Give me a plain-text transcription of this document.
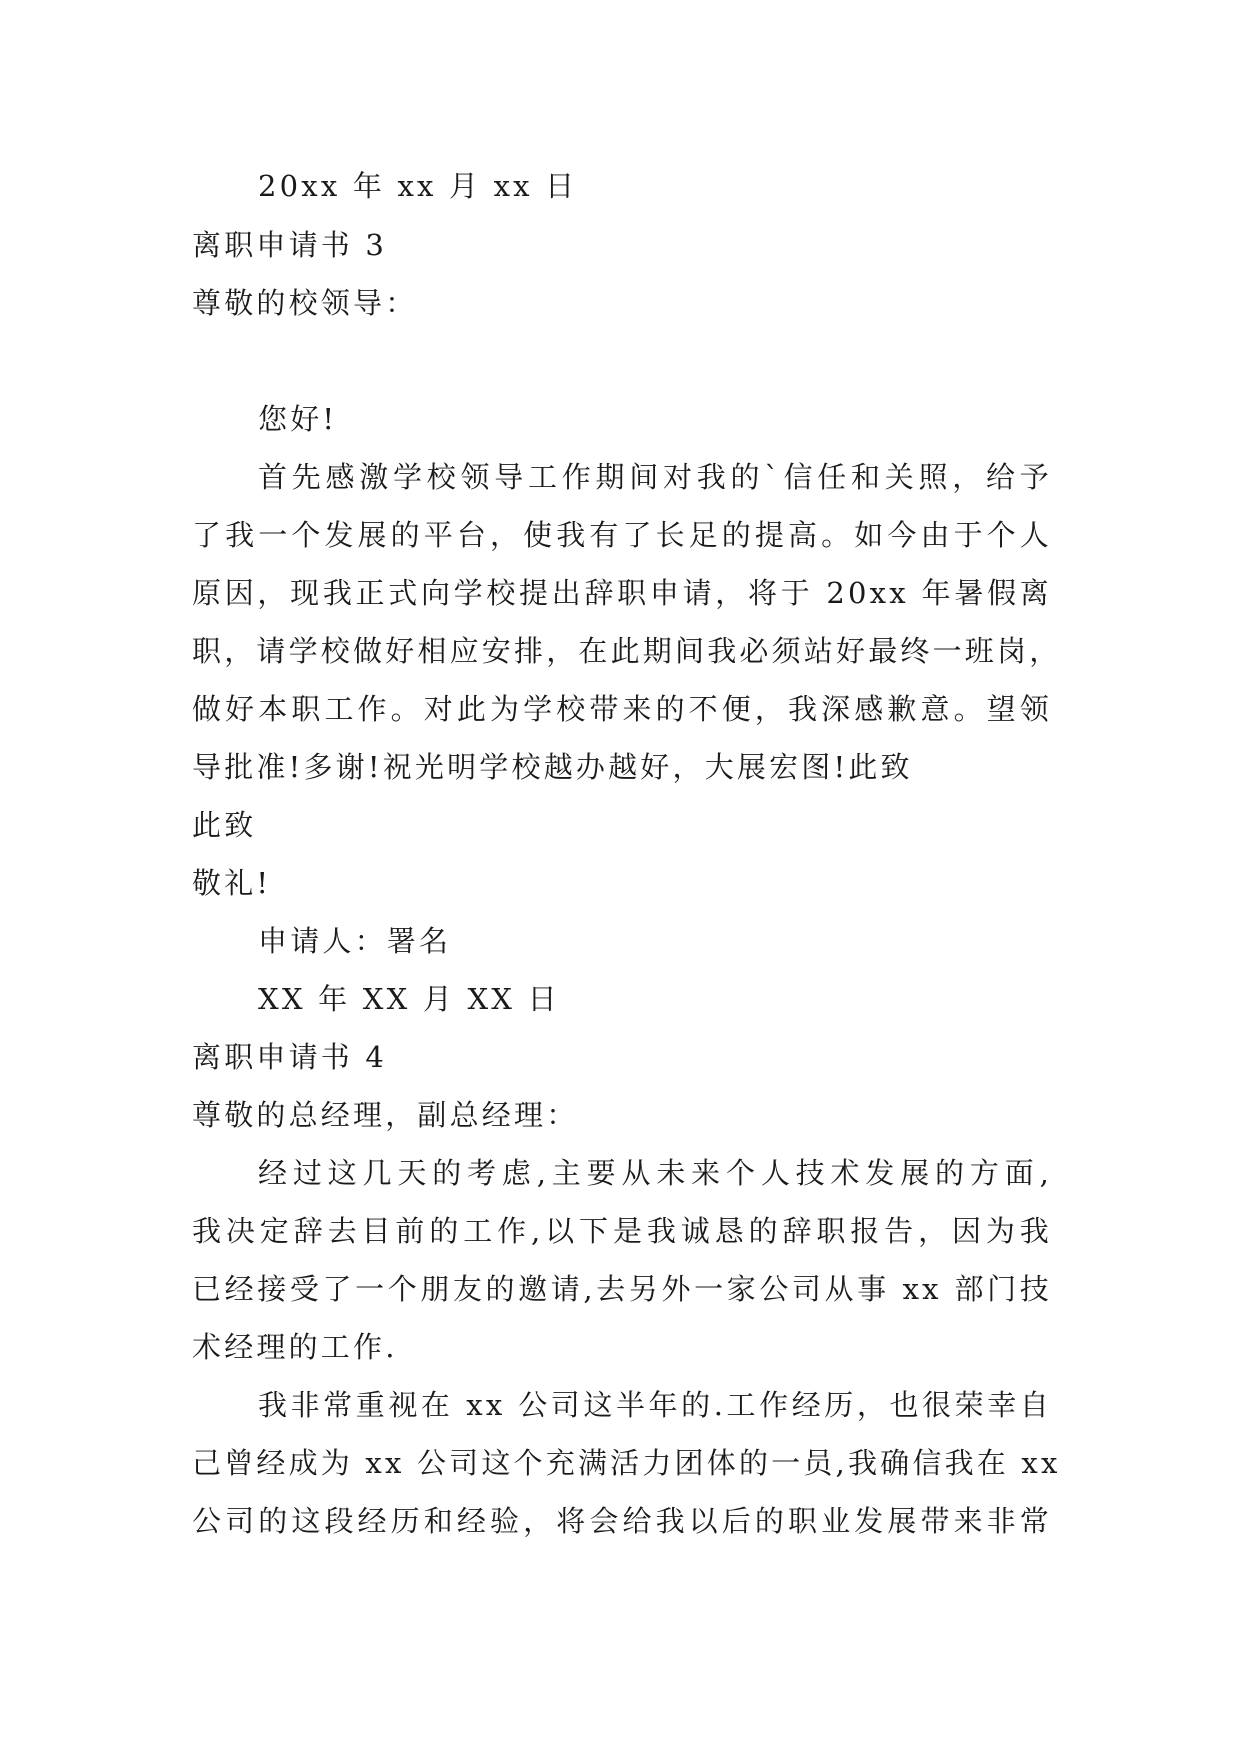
20xx 年 xx 月 xx 日
离职申请书 3
尊敬的校领导：
您好!
首先感激学校领导工作期间对我的`信任和关照，给予
了我一个发展的平台，使我有了长足的提高。如今由于个人
原因，现我正式向学校提出辞职申请，将于 20xx 年暑假离
职，请学校做好相应安排，在此期间我必须站好最终一班岗，
做好本职工作。对此为学校带来的不便，我深感歉意。望领
导批准!多谢!祝光明学校越办越好，大展宏图!此致
此致
敬礼!
申请人：署名
XX 年 XX 月 XX 日
离职申请书 4
尊敬的总经理，副总经理：
经过这几天的考虑,主要从未来个人技术发展的方面,
我决定辞去目前的工作,以下是我诚恳的辞职报告，因为我
已经接受了一个朋友的邀请,去另外一家公司从事 xx 部门技
术经理的工作.
我非常重视在 xx 公司这半年的.工作经历，也很荣幸自
己曾经成为 xx 公司这个充满活力团体的一员,我确信我在 xx
公司的这段经历和经验，将会给我以后的职业发展带来非常
